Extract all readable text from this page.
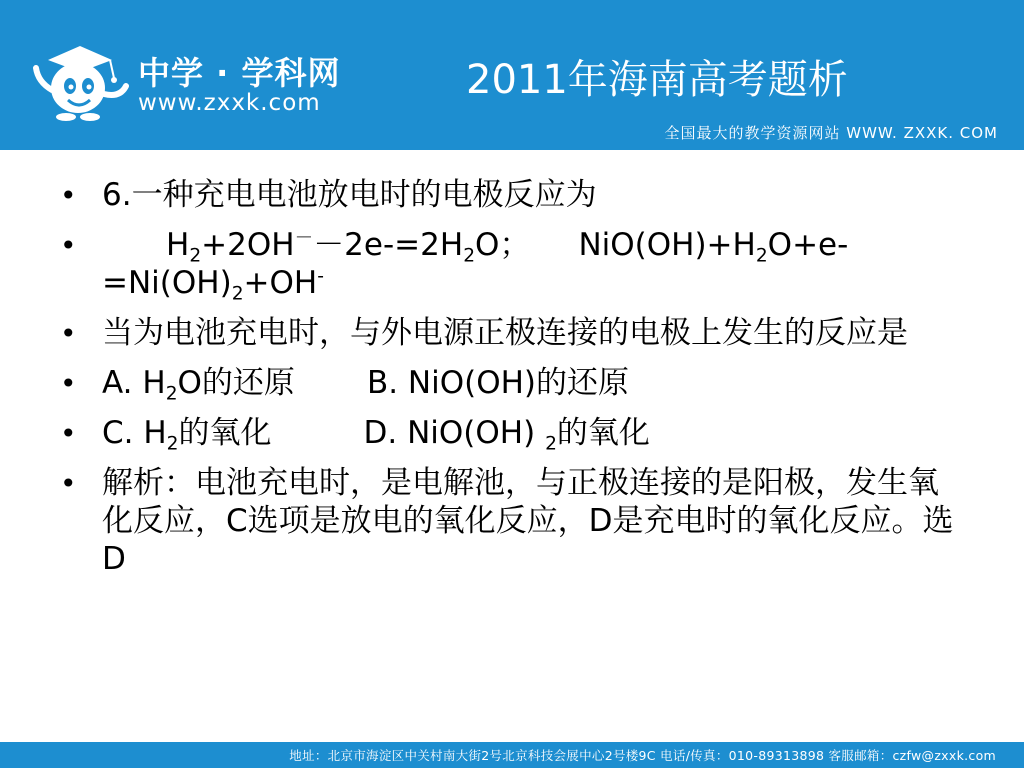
中学 · 学科网
www.zxxk.com	2011年海南高考题析
全国最大的教学资源网站 WWW. ZXXK. COM
•
6.一种充电电池放电时的电极反应为
•
$H_2+2OH^--2e-=2H_2O$； $NiO(OH)+H_2O+e-$
$=Ni(OH)_2+OH^-$
•
当为电池充电时，与外电源正极连接的电极上发生的反应是
•
A. $H_2O$的还原 B. NiO(OH)的还原
•
C. $H_2$的氧化	D. NiO(OH) $_2$的氧化
•
解析：电池充电时，是电解池，与正极连接的是阳极，发生氧化反应，C选项是放电的氧化反应，D是充电时的氧化反应。选D
地址：北京市海淀区中关村南大街2号北京科技会展中心2号楼9C 电话/传真：010-89313898 客服邮箱：czfw@zxxk.com
